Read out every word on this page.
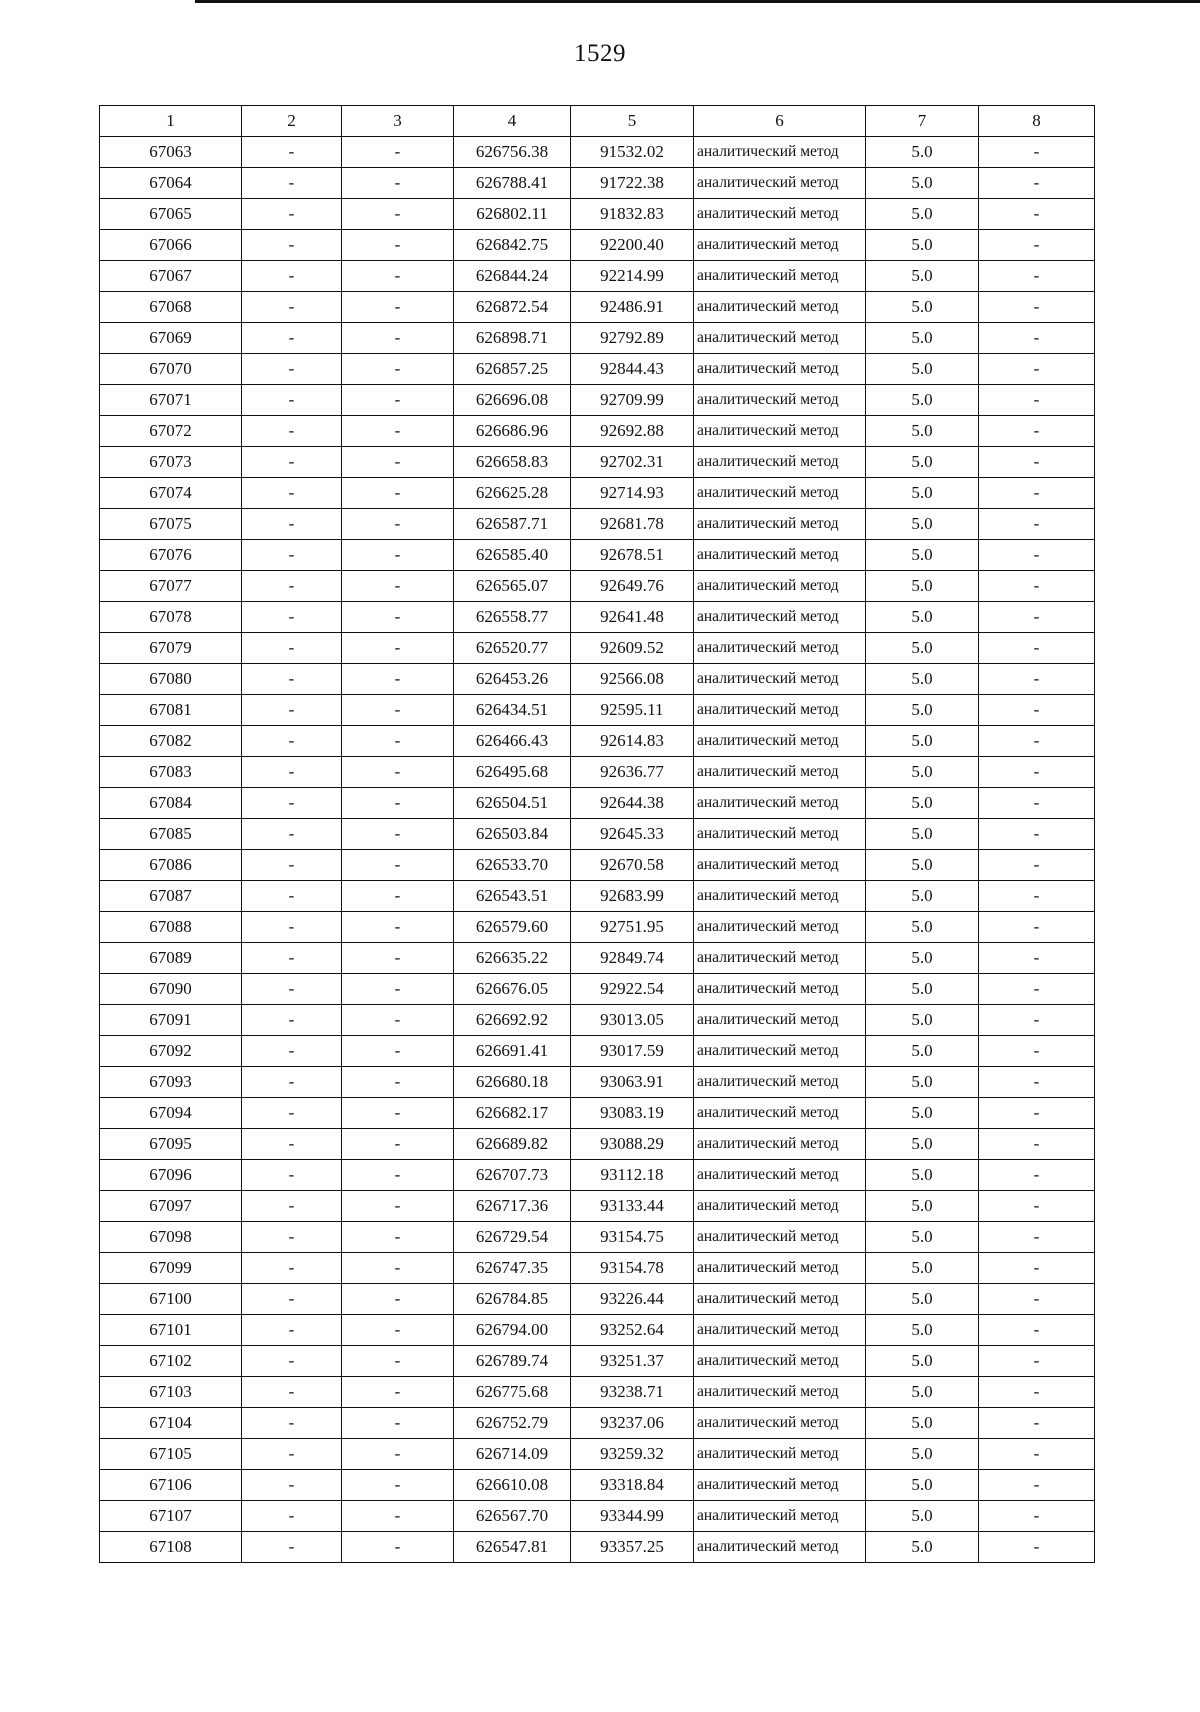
1529
1	2	3	4	5	6	7	8
67063	-	-	626756.38	91532.02	аналитический метод	5.0	-
67064	-	-	626788.41	91722.38	аналитический метод	5.0	-
67065	-	-	626802.11	91832.83	аналитический метод	5.0	-
67066	-	-	626842.75	92200.40	аналитический метод	5.0	-
67067	-	-	626844.24	92214.99	аналитический метод	5.0	-
67068	-	-	626872.54	92486.91	аналитический метод	5.0	-
67069	-	-	626898.71	92792.89	аналитический метод	5.0	-
67070	-	-	626857.25	92844.43	аналитический метод	5.0	-
67071	-	-	626696.08	92709.99	аналитический метод	5.0	-
67072	-	-	626686.96	92692.88	аналитический метод	5.0	-
67073	-	-	626658.83	92702.31	аналитический метод	5.0	-
67074	-	-	626625.28	92714.93	аналитический метод	5.0	-
67075	-	-	626587.71	92681.78	аналитический метод	5.0	-
67076	-	-	626585.40	92678.51	аналитический метод	5.0	-
67077	-	-	626565.07	92649.76	аналитический метод	5.0	-
67078	-	-	626558.77	92641.48	аналитический метод	5.0	-
67079	-	-	626520.77	92609.52	аналитический метод	5.0	-
67080	-	-	626453.26	92566.08	аналитический метод	5.0	-
67081	-	-	626434.51	92595.11	аналитический метод	5.0	-
67082	-	-	626466.43	92614.83	аналитический метод	5.0	-
67083	-	-	626495.68	92636.77	аналитический метод	5.0	-
67084	-	-	626504.51	92644.38	аналитический метод	5.0	-
67085	-	-	626503.84	92645.33	аналитический метод	5.0	-
67086	-	-	626533.70	92670.58	аналитический метод	5.0	-
67087	-	-	626543.51	92683.99	аналитический метод	5.0	-
67088	-	-	626579.60	92751.95	аналитический метод	5.0	-
67089	-	-	626635.22	92849.74	аналитический метод	5.0	-
67090	-	-	626676.05	92922.54	аналитический метод	5.0	-
67091	-	-	626692.92	93013.05	аналитический метод	5.0	-
67092	-	-	626691.41	93017.59	аналитический метод	5.0	-
67093	-	-	626680.18	93063.91	аналитический метод	5.0	-
67094	-	-	626682.17	93083.19	аналитический метод	5.0	-
67095	-	-	626689.82	93088.29	аналитический метод	5.0	-
67096	-	-	626707.73	93112.18	аналитический метод	5.0	-
67097	-	-	626717.36	93133.44	аналитический метод	5.0	-
67098	-	-	626729.54	93154.75	аналитический метод	5.0	-
67099	-	-	626747.35	93154.78	аналитический метод	5.0	-
67100	-	-	626784.85	93226.44	аналитический метод	5.0	-
67101	-	-	626794.00	93252.64	аналитический метод	5.0	-
67102	-	-	626789.74	93251.37	аналитический метод	5.0	-
67103	-	-	626775.68	93238.71	аналитический метод	5.0	-
67104	-	-	626752.79	93237.06	аналитический метод	5.0	-
67105	-	-	626714.09	93259.32	аналитический метод	5.0	-
67106	-	-	626610.08	93318.84	аналитический метод	5.0	-
67107	-	-	626567.70	93344.99	аналитический метод	5.0	-
67108	-	-	626547.81	93357.25	аналитический метод	5.0	-
